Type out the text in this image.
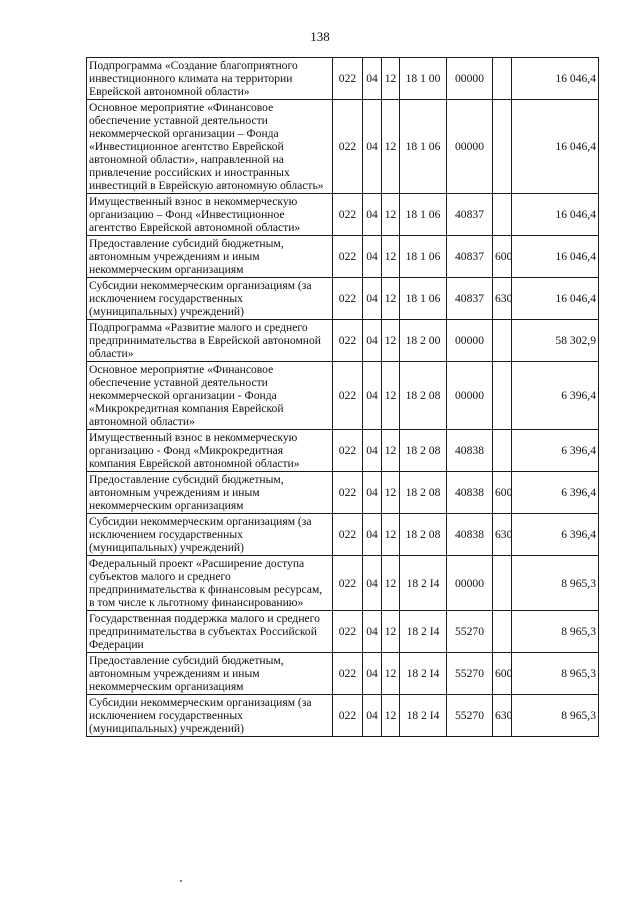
138
Подпрограмма «Создание благоприятного инвестиционного климата на территории Еврейской автономной области»	022	04	12	18 1 00	00000		16 046,4
Основное мероприятие «Финансовое обеспечение уставной деятельности некоммерческой организации – Фонда «Инвестиционное агентство Еврейской автономной области», направленной на привлечение российских и иностранных инвестиций в Еврейскую автономную область»	022	04	12	18 1 06	00000		16 046,4
Имущественный взнос в некоммерческую организацию – Фонд «Инвестиционное агентство Еврейской автономной области»	022	04	12	18 1 06	40837		16 046,4
Предоставление субсидий бюджетным, автономным учреждениям и иным некоммерческим организациям	022	04	12	18 1 06	40837	600	16 046,4
Субсидии некоммерческим организациям (за исключением государственных (муниципальных) учреждений)	022	04	12	18 1 06	40837	630	16 046,4
Подпрограмма «Развитие малого и среднего предпринимательства в Еврейской автономной области»	022	04	12	18 2 00	00000		58 302,9
Основное мероприятие «Финансовое обеспечение уставной деятельности некоммерческой организации - Фонда «Микрокредитная компания Еврейской автономной области»	022	04	12	18 2 08	00000		6 396,4
Имущественный взнос в некоммерческую организацию - Фонд «Микрокредитная компания Еврейской автономной области»	022	04	12	18 2 08	40838		6 396,4
Предоставление субсидий бюджетным, автономным учреждениям и иным некоммерческим организациям	022	04	12	18 2 08	40838	600	6 396,4
Субсидии некоммерческим организациям (за исключением государственных (муниципальных) учреждений)	022	04	12	18 2 08	40838	630	6 396,4
Федеральный проект «Расширение доступа субъектов малого и среднего предпринимательства к финансовым ресурсам, в том числе к льготному финансированию»	022	04	12	18 2 I4	00000		8 965,3
Государственная поддержка малого и среднего предпринимательства в субъектах Российской Федерации	022	04	12	18 2 I4	55270		8 965,3
Предоставление субсидий бюджетным, автономным учреждениям и иным некоммерческим организациям	022	04	12	18 2 I4	55270	600	8 965,3
Субсидии некоммерческим организациям (за исключением государственных (муниципальных) учреждений)	022	04	12	18 2 I4	55270	630	8 965,3
